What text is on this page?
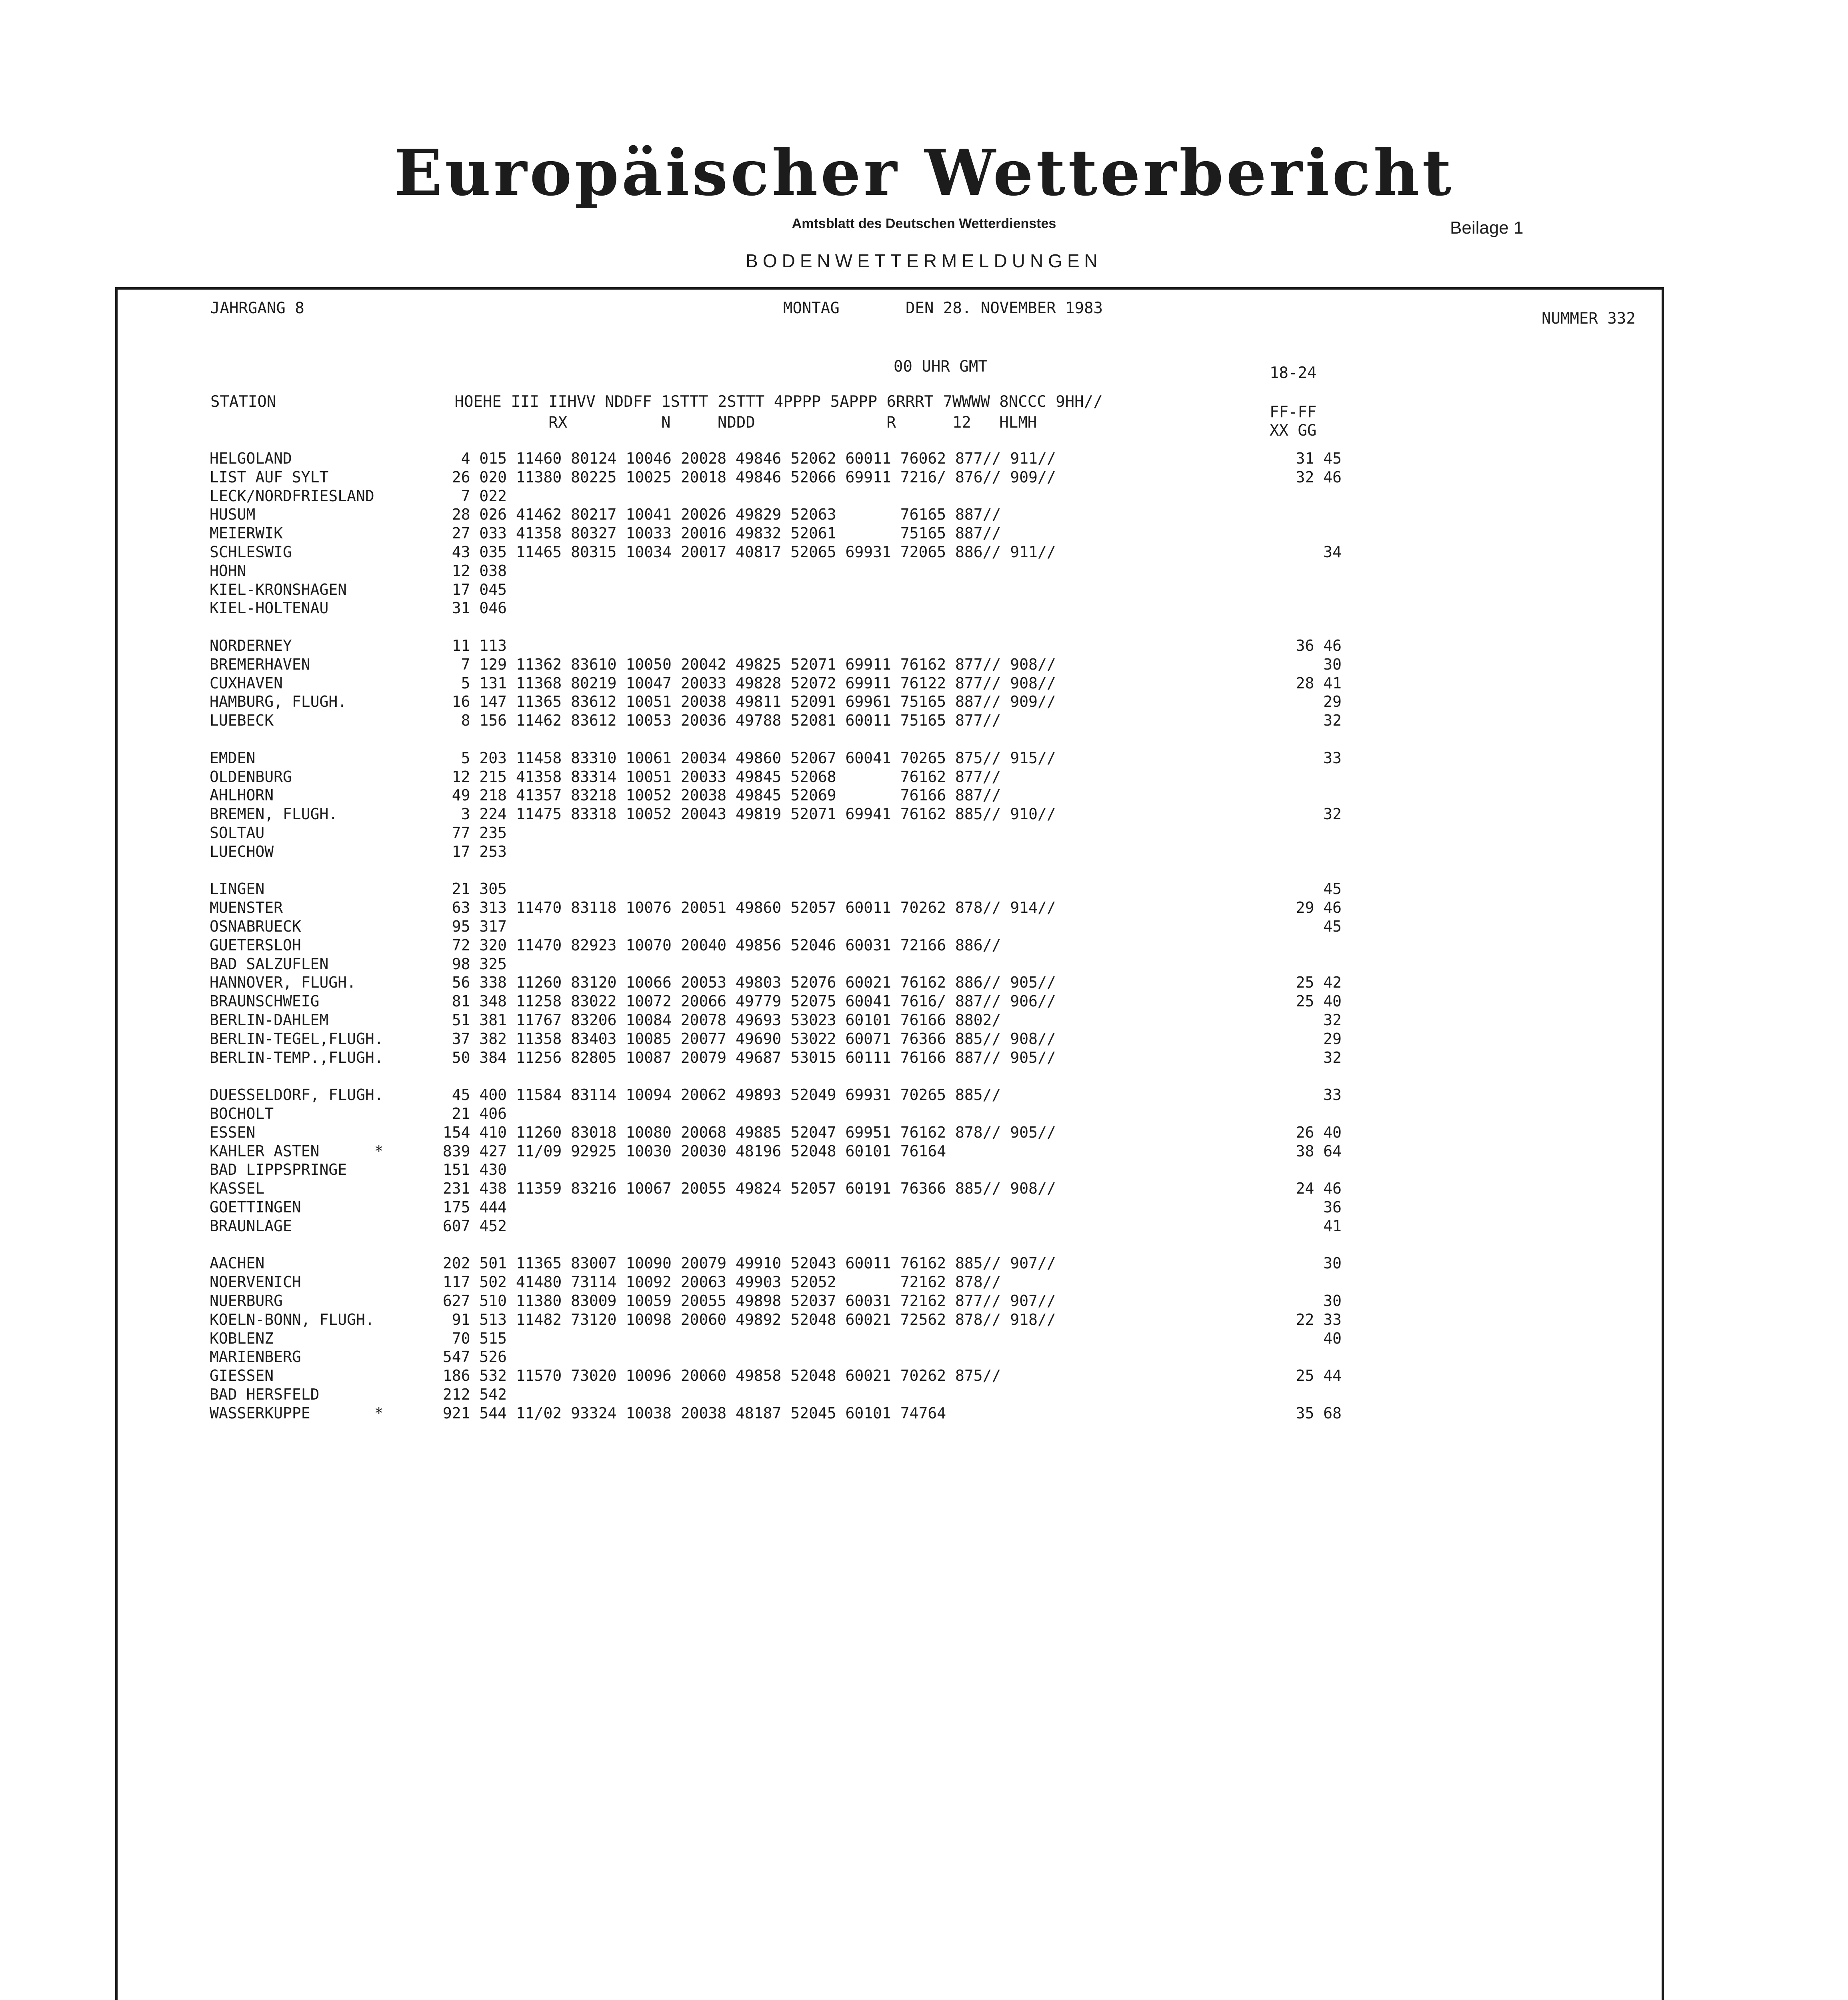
Europäischer Wetterbericht
Amtsblatt des Deutschen Wetterdienstes	Beilage 1
BODENWETTERMELDUNGEN
JAHRGANG 8	MONTAG	DEN 28. NOVEMBER 1983
NUMMER 332
00 UHR GMT	18-24
STATION                   HOEHE III IIHVV NDDFF 1STTT 2STTT 4PPPP 5APPP 6RRRT 7WWWW 8NCCC 9HH//
RX          N     NDDD              R      12   HLMH
FF-FF
XX GG
HELGOLAND	4 015 11460 80124 10046 20028 49846 52062 60011 76062 877// 911//	31 45
LIST AUF SYLT	26 020 11380 80225 10025 20018 49846 52066 69911 7216/ 876// 909//	32 46
LECK/NORDFRIESLAND	7 022
HUSUM	28 026 41462 80217 10041 20026 49829 52063       76165 887//
MEIERWIK	27 033 41358 80327 10033 20016 49832 52061       75165 887//
SCHLESWIG	43 035 11465 80315 10034 20017 40817 52065 69931 72065 886// 911//	34
HOHN	12 038
KIEL-KRONSHAGEN	17 045
KIEL-HOLTENAU	31 046
NORDERNEY	11 113	36 46
BREMERHAVEN	7 129 11362 83610 10050 20042 49825 52071 69911 76162 877// 908//	30
CUXHAVEN	5 131 11368 80219 10047 20033 49828 52072 69911 76122 877// 908//	28 41
HAMBURG, FLUGH.	16 147 11365 83612 10051 20038 49811 52091 69961 75165 887// 909//	29
LUEBECK	8 156 11462 83612 10053 20036 49788 52081 60011 75165 877//	32
EMDEN	5 203 11458 83310 10061 20034 49860 52067 60041 70265 875// 915//	33
OLDENBURG	12 215 41358 83314 10051 20033 49845 52068       76162 877//
AHLHORN	49 218 41357 83218 10052 20038 49845 52069       76166 887//
BREMEN, FLUGH.	3 224 11475 83318 10052 20043 49819 52071 69941 76162 885// 910//	32
SOLTAU	77 235
LUECHOW	17 253
LINGEN	21 305	45
MUENSTER	63 313 11470 83118 10076 20051 49860 52057 60011 70262 878// 914//	29 46
OSNABRUECK	95 317	45
GUETERSLOH	72 320 11470 82923 10070 20040 49856 52046 60031 72166 886//
BAD SALZUFLEN	98 325
HANNOVER, FLUGH.	56 338 11260 83120 10066 20053 49803 52076 60021 76162 886// 905//	25 42
BRAUNSCHWEIG	81 348 11258 83022 10072 20066 49779 52075 60041 7616/ 887// 906//	25 40
BERLIN-DAHLEM	51 381 11767 83206 10084 20078 49693 53023 60101 76166 8802/	32
BERLIN-TEGEL,FLUGH.	37 382 11358 83403 10085 20077 49690 53022 60071 76366 885// 908//	29
BERLIN-TEMP.,FLUGH.	50 384 11256 82805 10087 20079 49687 53015 60111 76166 887// 905//	32
DUESSELDORF, FLUGH.	45 400 11584 83114 10094 20062 49893 52049 69931 70265 885//	33
BOCHOLT	21 406
ESSEN	154 410 11260 83018 10080 20068 49885 52047 69951 76162 878// 905//	26 40
KAHLER ASTEN      *	839 427 11/09 92925 10030 20030 48196 52048 60101 76164	38 64
BAD LIPPSPRINGE	151 430
KASSEL	231 438 11359 83216 10067 20055 49824 52057 60191 76366 885// 908//	24 46
GOETTINGEN	175 444	36
BRAUNLAGE	607 452	41
AACHEN	202 501 11365 83007 10090 20079 49910 52043 60011 76162 885// 907//	30
NOERVENICH	117 502 41480 73114 10092 20063 49903 52052       72162 878//
NUERBURG	627 510 11380 83009 10059 20055 49898 52037 60031 72162 877// 907//	30
KOELN-BONN, FLUGH.	91 513 11482 73120 10098 20060 49892 52048 60021 72562 878// 918//	22 33
KOBLENZ	70 515	40
MARIENBERG	547 526
GIESSEN	186 532 11570 73020 10096 20060 49858 52048 60021 70262 875//	25 44
BAD HERSFELD	212 542
WASSERKUPPE       *	921 544 11/02 93324 10038 20038 48187 52045 60101 74764	35 68
